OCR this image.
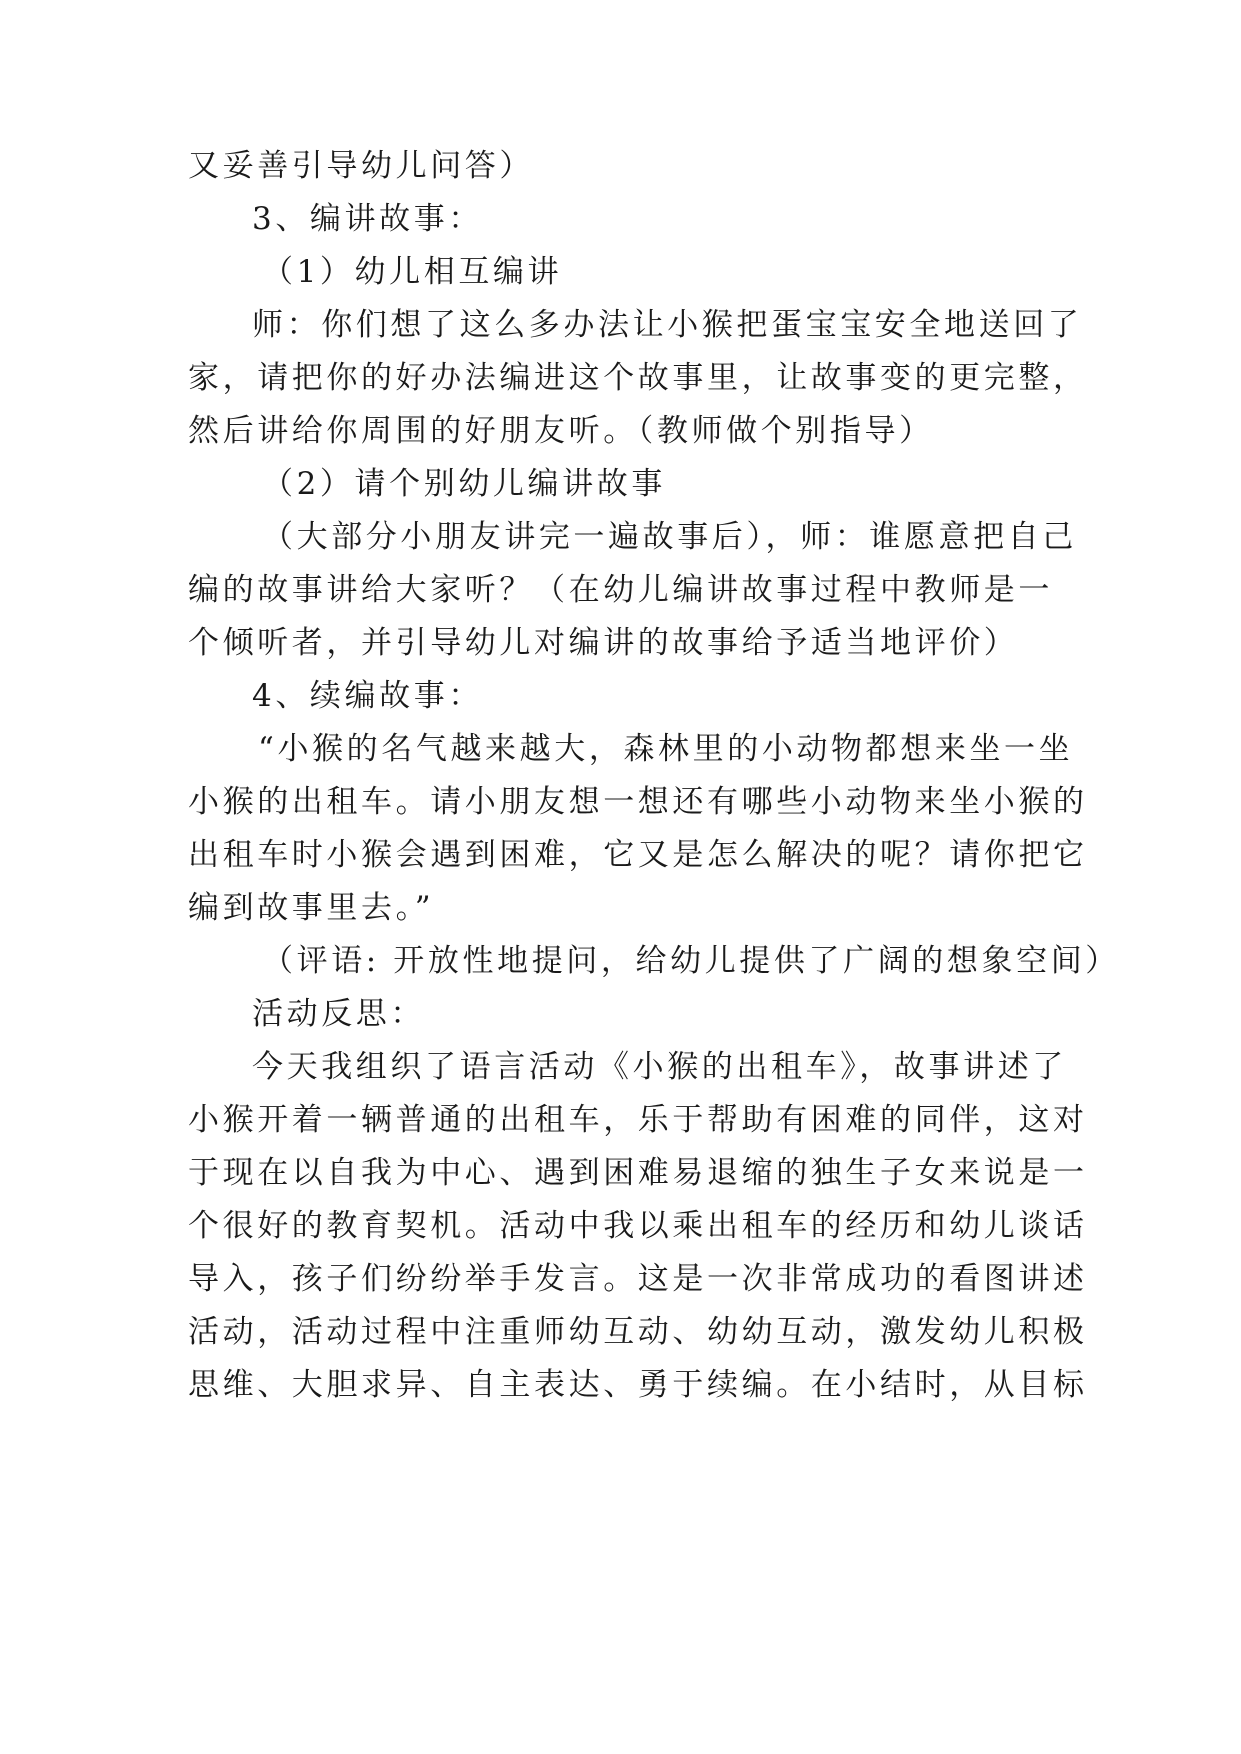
又妥善引导幼儿问答）
3、编讲故事：
（1）幼儿相互编讲
师：你们想了这么多办法让小猴把蛋宝宝安全地送回了
家，请把你的好办法编进这个故事里，让故事变的更完整，
然后讲给你周围的好朋友听。（教师做个别指导）
（2）请个别幼儿编讲故事
（大部分小朋友讲完一遍故事后），师：谁愿意把自己
编的故事讲给大家听？（在幼儿编讲故事过程中教师是一
个倾听者，并引导幼儿对编讲的故事给予适当地评价）
4、续编故事：
“小猴的名气越来越大，森林里的小动物都想来坐一坐
小猴的出租车。请小朋友想一想还有哪些小动物来坐小猴的
出租车时小猴会遇到困难，它又是怎么解决的呢？请你把它
编到故事里去。”
（评语: 开放性地提问，给幼儿提供了广阔的想象空间）
活动反思：
今天我组织了语言活动《小猴的出租车》，故事讲述了
小猴开着一辆普通的出租车，乐于帮助有困难的同伴，这对
于现在以自我为中心、遇到困难易退缩的独生子女来说是一
个很好的教育契机。活动中我以乘出租车的经历和幼儿谈话
导入，孩子们纷纷举手发言。这是一次非常成功的看图讲述
活动，活动过程中注重师幼互动、幼幼互动，激发幼儿积极
思维、大胆求异、自主表达、勇于续编。在小结时，从目标
